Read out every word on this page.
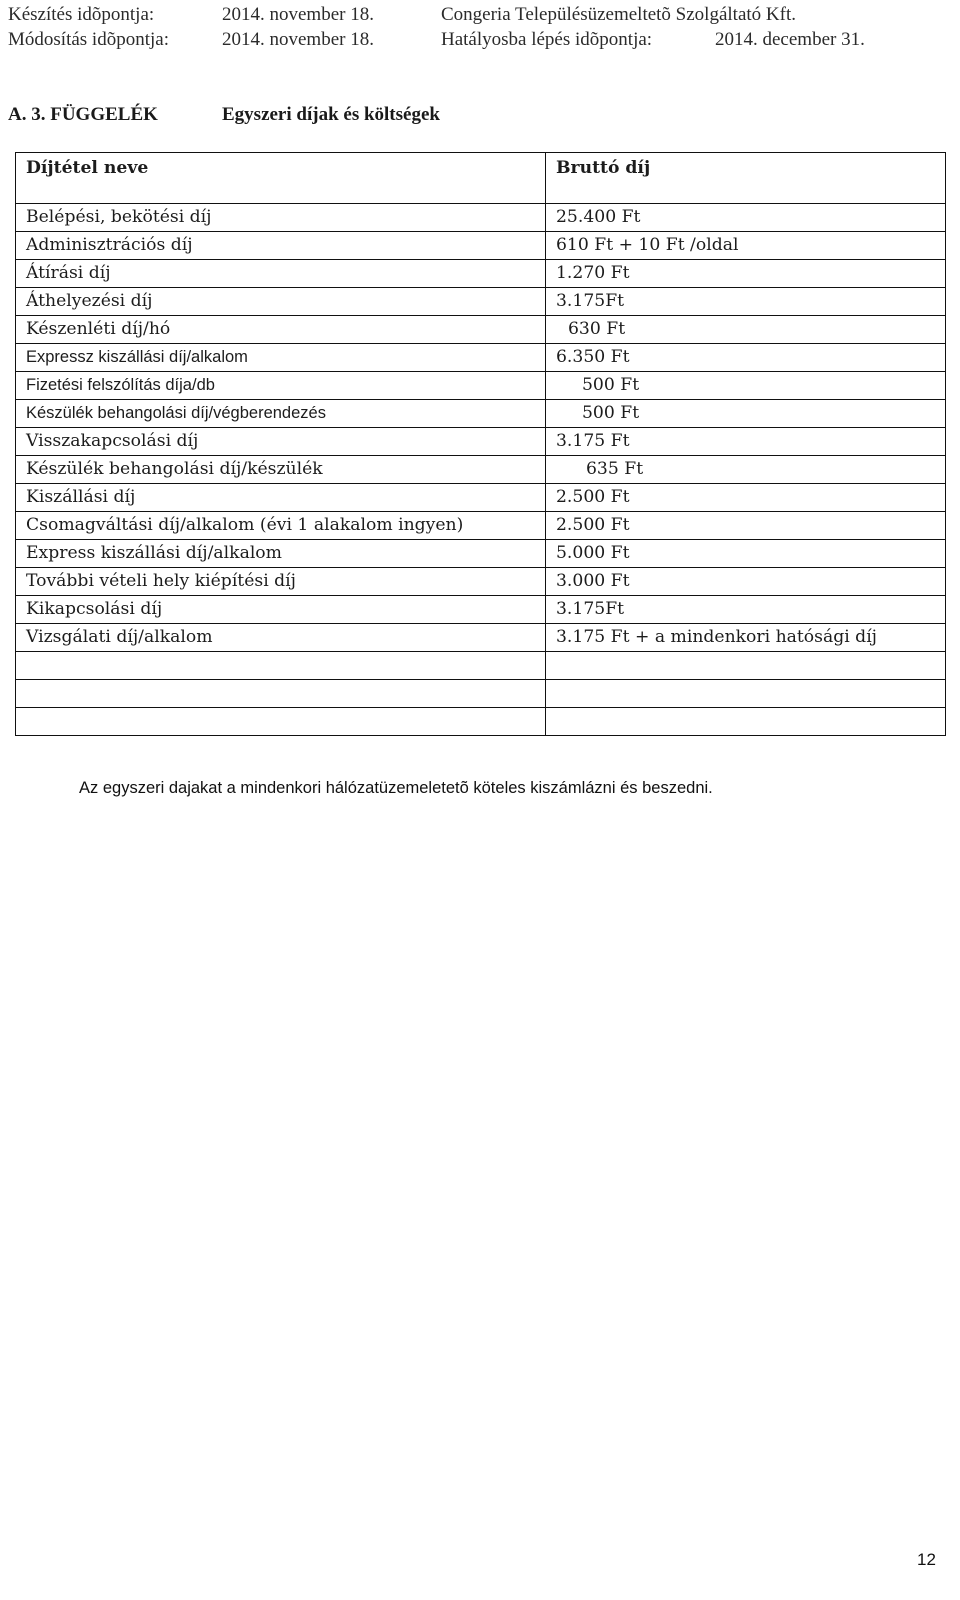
Készítés idõpontja:	2014. november 18.	Congeria Településüzemeltetõ Szolgáltató Kft.
Módosítás idõpontja:	2014. november 18.	Hatályosba lépés idõpontja:	2014. december 31.
A. 3. FÜGGELÉK	Egyszeri díjak és költségek
Díjtétel neve	Bruttó díj
Belépési, bekötési díj	25.400 Ft
Adminisztrációs díj	610 Ft + 10 Ft /oldal
Átírási díj	1.270 Ft
Áthelyezési díj	3.175Ft
Készenléti díj/hó	630 Ft
Expressz kiszállási díj/alkalom	6.350 Ft
Fizetési felszólítás díja/db	500 Ft
Készülék behangolási díj/végberendezés	500 Ft
Visszakapcsolási díj	3.175 Ft
Készülék behangolási díj/készülék	635 Ft
Kiszállási díj	2.500 Ft
Csomagváltási díj/alkalom (évi 1 alakalom ingyen)	2.500 Ft
Express kiszállási díj/alkalom	5.000 Ft
További vételi hely kiépítési díj	3.000 Ft
Kikapcsolási díj	3.175Ft
Vizsgálati díj/alkalom	3.175 Ft + a mindenkori hatósági díj

Az egyszeri dajakat a mindenkori hálózatüzemeletetõ köteles kiszámlázni és beszedni.
12
